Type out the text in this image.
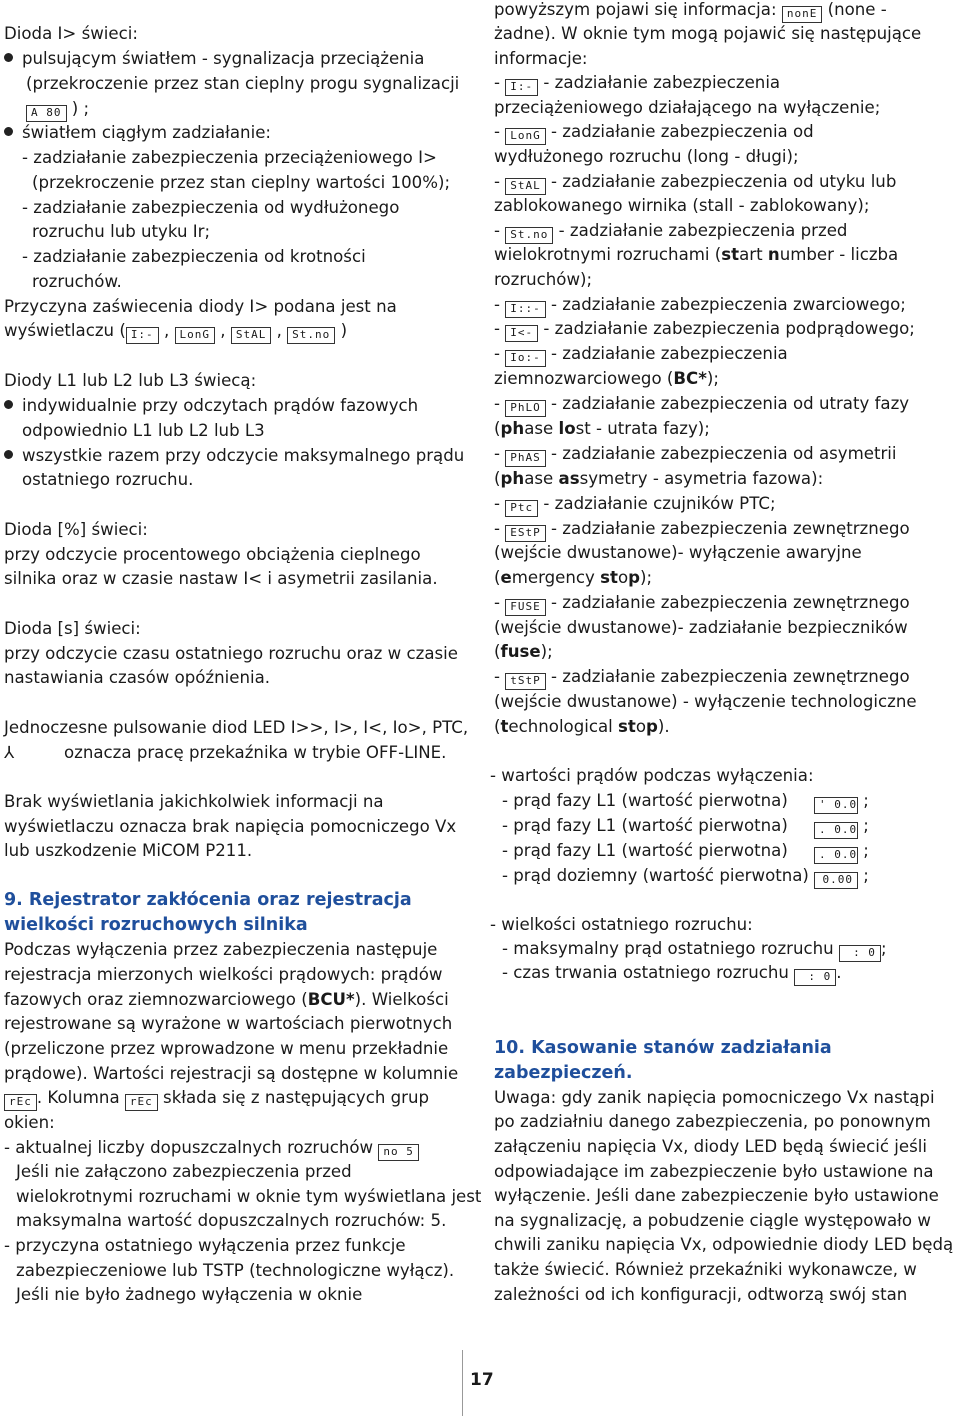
Dioda I> świeci:
pulsującym światłem - sygnalizacja przeciążenia
(przekroczenie przez stan cieplny progu sygnalizacji
A 80 ) ;
światłem ciągłym zadziałanie:
- zadziałanie zabezpieczenia przeciążeniowego I>
(przekroczenie przez stan cieplny wartości 100%);
- zadziałanie zabezpieczenia od wydłużonego
rozruchu lub utyku Ir;
- zadziałanie zabezpieczenia od krotności
rozruchów.
Przyczyna zaświecenia diody I> podana jest na
wyświetlaczu ( I:- , LonG , StAL , St.no )
Diody L1 lub L2 lub L3 świecą:
indywidualnie przy odczytach prądów fazowych
odpowiednio L1 lub L2 lub L3
wszystkie razem przy odczycie maksymalnego prądu
ostatniego rozruchu.
Dioda [%] świeci:
przy odczycie procentowego obciążenia cieplnego
silnika oraz w czasie nastaw I< i asymetrii zasilania.
Dioda [s] świeci:
przy odczycie czasu ostatniego rozruchu oraz w czasie
nastawiania czasów opóźnienia.
Jednoczesne pulsowanie diod LED I>>, I>, I<, Io>, PTC,
⅄	oznacza pracę przekaźnika w trybie OFF-LINE.
Brak wyświetlania jakichkolwiek informacji na
wyświetlaczu oznacza brak napięcia pomocniczego Vx
lub uszkodzenie MiCOM P211.
9. Rejestrator zakłócenia oraz rejestracja
wielkości rozruchowych silnika
Podczas wyłączenia przez zabezpieczenia następuje
rejestracja mierzonych wielkości prądowych: prądów
fazowych oraz ziemnozwarciowego (BCU*). Wielkości
rejestrowane są wyrażone w wartościach pierwotnych
(przeliczone przez wprowadzone w menu przekładnie
prądowe). Wartości rejestracji są dostępne w kolumnie
rEc . Kolumna rEc składa się z następujących grup
okien:
- aktualnej liczby dopuszczalnych rozruchów no 5
Jeśli nie załączono zabezpieczenia przed
wielokrotnymi rozruchami w oknie tym wyświetlana jest
maksymalna wartość dopuszczalnych rozruchów: 5.
- przyczyna ostatniego wyłączenia przez funkcje
zabezpieczeniowe lub TSTP (technologiczne wyłącz).
Jeśli nie było żadnego wyłączenia w oknie
powyższym pojawi się informacja: nonE (none -
żadne). W oknie tym mogą pojawić się następujące
informacje:
- I:- - zadziałanie zabezpieczenia
przeciążeniowego działającego na wyłączenie;
- LonG - zadziałanie zabezpieczenia od
wydłużonego rozruchu (long - długi);
- StAL - zadziałanie zabezpieczenia od utyku lub
zablokowanego wirnika (stall - zablokowany);
- St.no - zadziałanie zabezpieczenia przed
wielokrotnymi rozruchami (start number - liczba
rozruchów);
- I::- - zadziałanie zabezpieczenia zwarciowego;
- I<- - zadziałanie zabezpieczenia podprądowego;
- Io:- - zadziałanie zabezpieczenia
ziemnozwarciowego (BC*);
- PhLO - zadziałanie zabezpieczenia od utraty fazy
(phase lost - utrata fazy);
- PhAS - zadziałanie zabezpieczenia od asymetrii
(phase assymetry - asymetria fazowa):
- Ptc - zadziałanie czujników PTC;
- EStP - zadziałanie zabezpieczenia zewnętrznego
(wejście dwustanowe)- wyłączenie awaryjne
(emergency stop);
- FUSE - zadziałanie zabezpieczenia zewnętrznego
(wejście dwustanowe)- zadziałanie bezpieczników
(fuse);
- tStP - zadziałanie zabezpieczenia zewnętrznego
(wejście dwustanowe) - wyłączenie technologiczne
(technological stop).
- wartości prądów podczas wyłączenia:
- prąd fazy L1 (wartość pierwotna)	' 0.0 ;
- prąd fazy L1 (wartość pierwotna)	. 0.0 ;
- prąd fazy L1 (wartość pierwotna)	. 0.0 ;
- prąd doziemny (wartość pierwotna) 0.00 ;
- wielkości ostatniego rozruchu:
- maksymalny prąd ostatniego rozruchu : 0 ;
- czas trwania ostatniego rozruchu : 0 .
10. Kasowanie stanów zadziałania
zabezpieczeń.
Uwaga: gdy zanik napięcia pomocniczego Vx nastąpi
po zadziałniu danego zabezpieczenia, po ponownym
załączeniu napięcia Vx, diody LED będą świecić jeśli
odpowiadające im zabezpieczenie było ustawione na
wyłączenie. Jeśli dane zabezpieczenie było ustawione
na sygnalizację, a pobudzenie ciągle występowało w
chwili zaniku napięcia Vx, odpowiednie diody LED będą
także świecić. Również przekaźniki wykonawcze, w
zależności od ich konfiguracji, odtworzą swój stan
17
